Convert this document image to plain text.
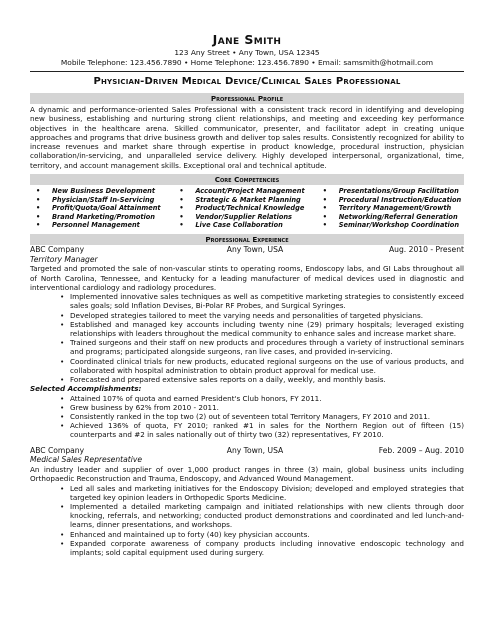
Jane Smith
123 Any Street • Any Town, USA 12345
Mobile Telephone: 123.456.7890 • Home Telephone: 123.456.7890 • Email: samsmith@hotmail.com
Physician-Driven Medical Device/Clinical Sales Professional
Professional Profile
A dynamic and performance-oriented Sales Professional with a consistent track record in identifying and developing new business, establishing and nurturing strong client relationships, and meeting and exceeding key performance objectives in the healthcare arena. Skilled communicator, presenter, and facilitator adept in creating unique approaches and programs that drive business growth and deliver top sales results. Consistently recognized for ability to increase revenues and market share through expertise in product knowledge, procedural instruction, physician collaboration/in-servicing, and unparalleled service delivery. Highly developed interpersonal, organizational, time, territory, and account management skills. Exceptional oral and technical aptitude.
Core Competencies
• New Business Development
• Physician/Staff In-Servicing
• Profit/Quota/Goal Attainment
• Brand Marketing/Promotion
• Personnel Management
• Account/Project Management
• Strategic & Market Planning
• Product/Technical Knowledge
• Vendor/Supplier Relations
• Live Case Collaboration
• Presentations/Group Facilitation
• Procedural Instruction/Education
• Territory Management/Growth
• Networking/Referral Generation
• Seminar/Workshop Coordination
Professional Experience
ABC Company	Any Town, USA	Aug. 2010 - Present
Territory Manager
Targeted and promoted the sale of non-vascular stints to operating rooms, Endoscopy labs, and GI Labs throughout all of North Carolina, Tennessee, and Kentucky for a leading manufacturer of medical devices used in diagnostic and interventional cardiology and radiology procedures.
• Implemented innovative sales techniques as well as competitive marketing strategies to consistently exceed sales goals; sold Inflation Devises, Bi-Polar RF Probes, and Surgical Syringes.
• Developed strategies tailored to meet the varying needs and personalities of targeted physicians.
• Established and managed key accounts including twenty nine (29) primary hospitals; leveraged existing relationships with leaders throughout the medical community to enhance sales and increase market share.
• Trained surgeons and their staff on new products and procedures through a variety of instructional seminars and programs; participated alongside surgeons, ran live cases, and provided in-servicing.
• Coordinated clinical trials for new products, educated regional surgeons on the use of various products, and collaborated with hospital administration to obtain product approval for medical use.
• Forecasted and prepared extensive sales reports on a daily, weekly, and monthly basis.
Selected Accomplishments:
• Attained 107% of quota and earned President's Club honors, FY 2011.
• Grew business by 62% from 2010 - 2011.
• Consistently ranked in the top two (2) out of seventeen total Territory Managers, FY 2010 and 2011.
• Achieved 136% of quota, FY 2010; ranked #1 in sales for the Northern Region out of fifteen (15) counterparts and #2 in sales nationally out of thirty two (32) representatives, FY 2010.
ABC Company	Any Town, USA	Feb. 2009 – Aug. 2010
Medical Sales Representative
An industry leader and supplier of over 1,000 product ranges in three (3) main, global business units including Orthopaedic Reconstruction and Trauma, Endoscopy, and Advanced Wound Management.
• Led all sales and marketing initiatives for the Endoscopy Division; developed and employed strategies that targeted key opinion leaders in Orthopedic Sports Medicine.
• Implemented a detailed marketing campaign and initiated relationships with new clients through door knocking, referrals, and networking; conducted product demonstrations and coordinated and led lunch-and-learns, dinner presentations, and workshops.
• Enhanced and maintained up to forty (40) key physician accounts.
• Expanded corporate awareness of company products including innovative endoscopic technology and implants; sold capital equipment used during surgery.
